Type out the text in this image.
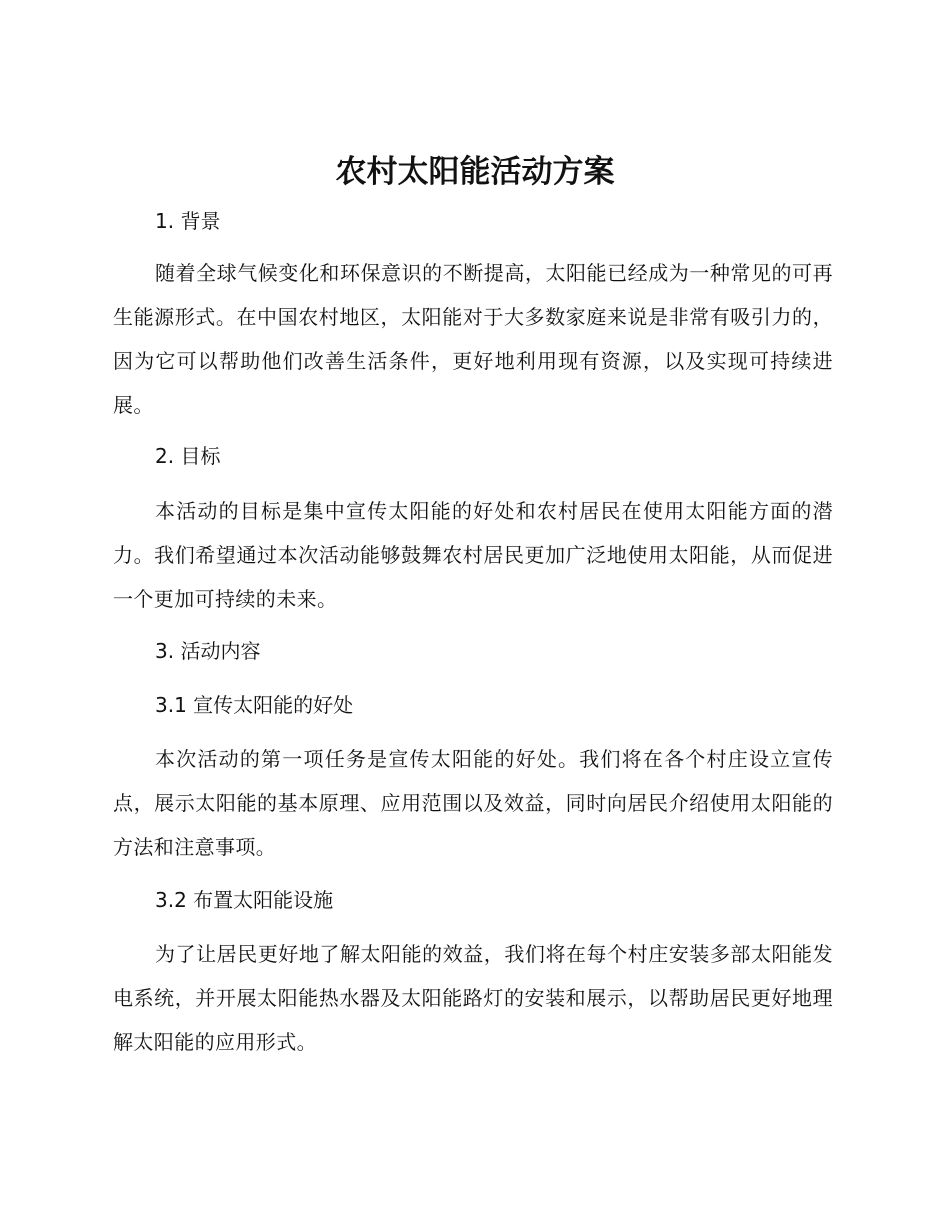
农村太阳能活动方案
1. 背景

随着全球气候变化和环保意识的不断提高，太阳能已经成为一种常见的可再生能源形式。在中国农村地区，太阳能对于大多数家庭来说是非常有吸引力的，因为它可以帮助他们改善生活条件，更好地利用现有资源，以及实现可持续进展。

2. 目标

本活动的目标是集中宣传太阳能的好处和农村居民在使用太阳能方面的潜力。我们希望通过本次活动能够鼓舞农村居民更加广泛地使用太阳能，从而促进一个更加可持续的未来。

3. 活动内容
3.1 宣传太阳能的好处

本次活动的第一项任务是宣传太阳能的好处。我们将在各个村庄设立宣传点，展示太阳能的基本原理、应用范围以及效益，同时向居民介绍使用太阳能的方法和注意事项。

3.2 布置太阳能设施

为了让居民更好地了解太阳能的效益，我们将在每个村庄安装多部太阳能发电系统，并开展太阳能热水器及太阳能路灯的安装和展示，以帮助居民更好地理解太阳能的应用形式。
